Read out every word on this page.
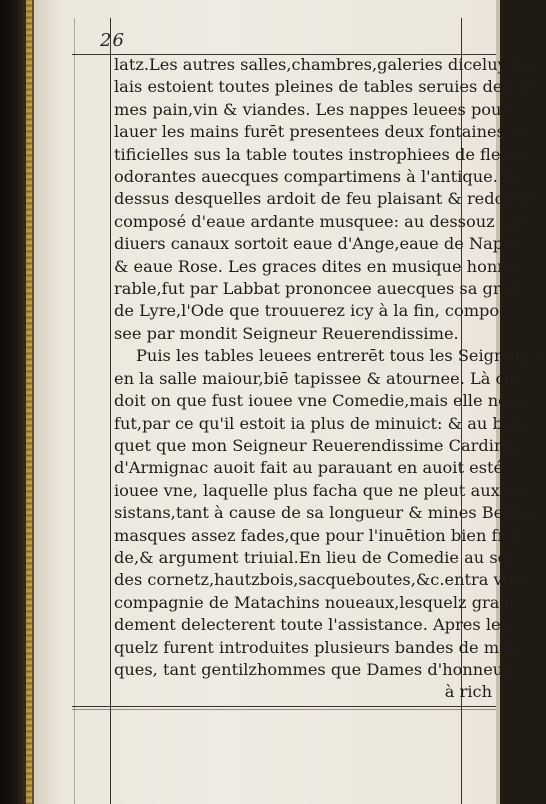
26
latz.Les autres salles,chambres,galeries diceluy pa
lais estoient toutes pleines de tables seruies de mes-
mes pain,vin & viandes. Les nappes leuees pour
lauer les mains furēt presentees deux fontaines ar-
tificielles sus la table toutes instrophiees de fleurs
odorantes auecques compartimens à l'antique. Le
dessus desquelles ardoit de feu plaisant & redolent
composé d'eaue ardante musquee: au dessouz par
diuers canaux sortoit eaue d'Ange,eaue de Naphe,
& eaue Rose. Les graces dites en musique honno-
rable,fut par Labbat prononcee auecques sa gran-
de Lyre,l'Ode que trouuerez icy à la fin, compo-
see par mondit Seigneur Reuerendissime.
Puis les tables leuees entrerēt tous les Seigneurs
en la salle maiour,biē tapissee & atournee. Là cuy-
doit on que fust iouee vne Comedie,mais elle ne le
fut,par ce qu'il estoit ia plus de minuict: & au ban-
quet que mon Seigneur Reuerendissime Cardinal
d'Armignac auoit fait au parauant en auoit esté
iouee vne, laquelle plus facha que ne pleut aux as-
sistans,tant à cause de sa longueur & mines Berga-
masques assez fades,que pour l'inuētion bien froi-
de,& argument triuial.En lieu de Comedie au son
des cornetz,hautzbois,sacqueboutes,&c.entra vne
compagnie de Matachins noueaux,lesquelz gran
dement delecterent toute l'assistance. Apres les-
quelz furent introduites plusieurs bandes de mas-
ques, tant gentilzhommes que Dames d'honneur
à rich
